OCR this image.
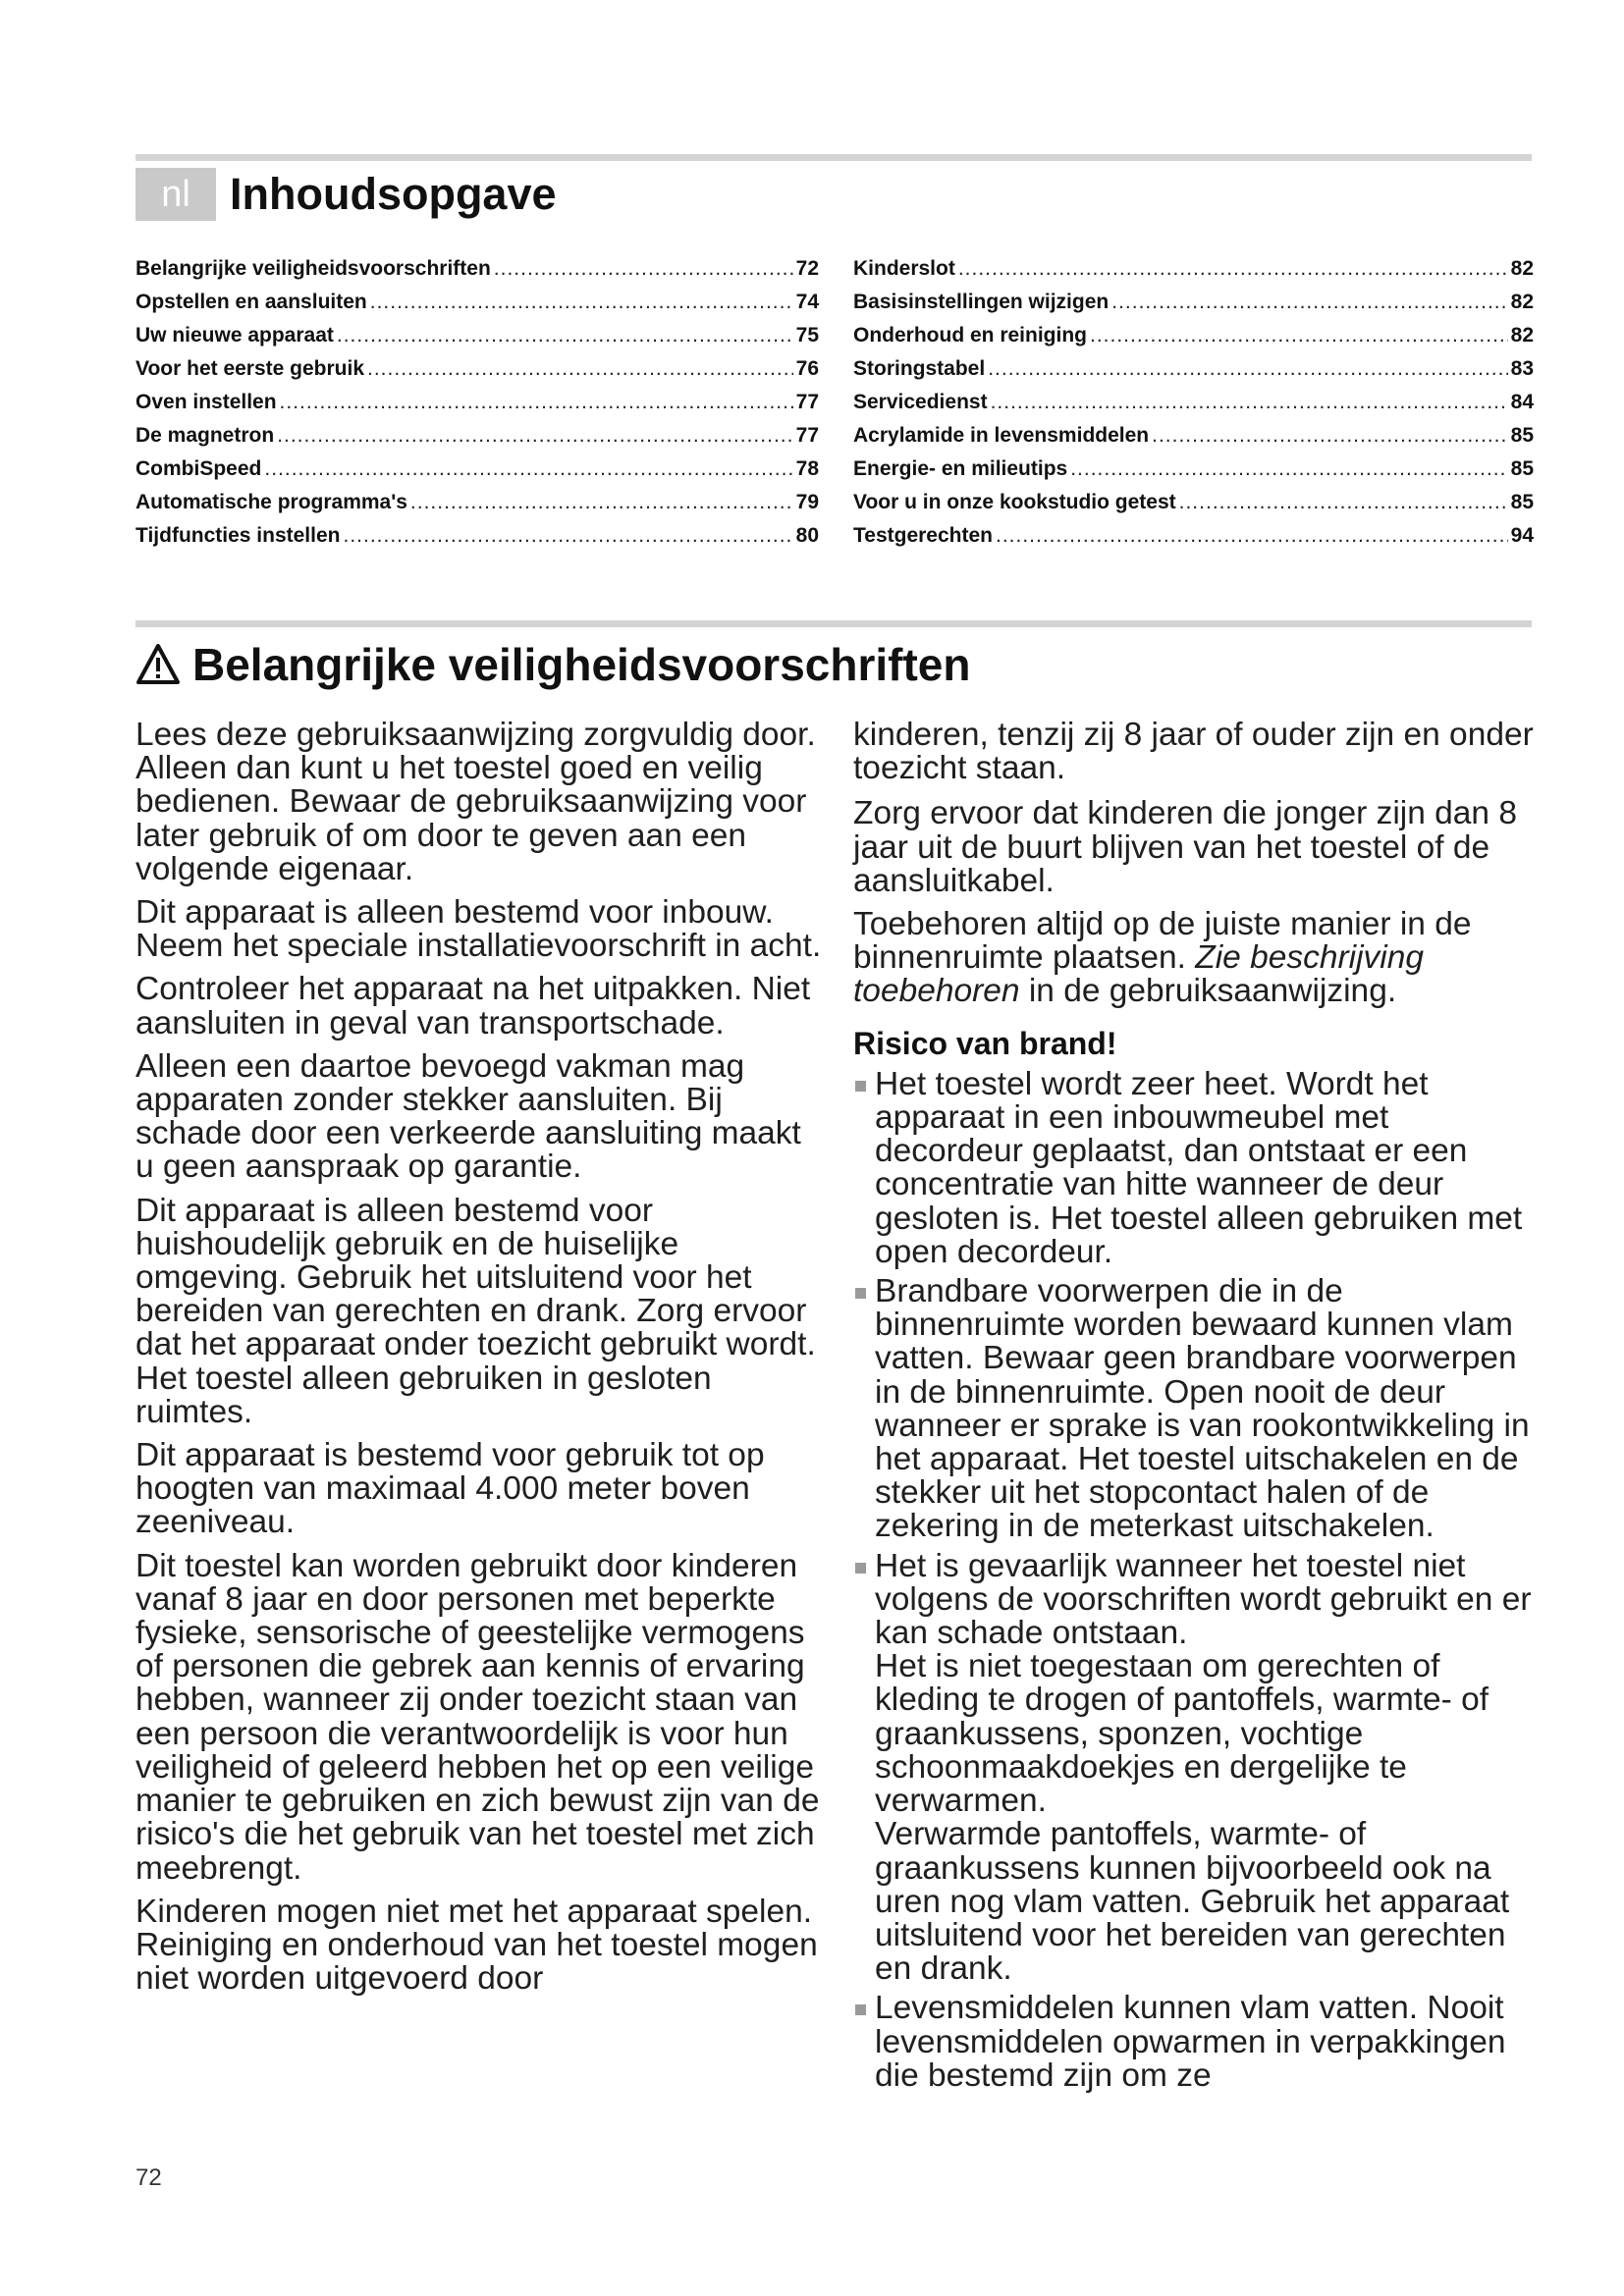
nl Inhoudsopgave
Belangrijke veiligheidsvoorschriften .....	72
Opstellen en aansluiten .....	74
Uw nieuwe apparaat .....	75
Voor het eerste gebruik .....	76
Oven instellen .....	77
De magnetron .....	77
CombiSpeed .....	78
Automatische programma's .....	79
Tijdfuncties instellen .....	80
Kinderslot .....	82
Basisinstellingen wijzigen .....	82
Onderhoud en reiniging .....	82
Storingstabel .....	83
Servicedienst .....	84
Acrylamide in levensmiddelen .....	85
Energie- en milieutips .....	85
Voor u in onze kookstudio getest .....	85
Testgerechten .....	94
Belangrijke veiligheidsvoorschriften

Lees deze gebruiksaanwijzing zorgvuldig door. Alleen dan kunt u het toestel goed en veilig bedienen. Bewaar de gebruiksaanwijzing voor later gebruik of om door te geven aan een volgende eigenaar.

Dit apparaat is alleen bestemd voor inbouw. Neem het speciale installatievoorschrift in acht.

Controleer het apparaat na het uitpakken. Niet aansluiten in geval van transportschade.

Alleen een daartoe bevoegd vakman mag apparaten zonder stekker aansluiten. Bij schade door een verkeerde aansluiting maakt u geen aanspraak op garantie.

Dit apparaat is alleen bestemd voor huishoudelijk gebruik en de huiselijke omgeving. Gebruik het uitsluitend voor het bereiden van gerechten en drank. Zorg ervoor dat het apparaat onder toezicht gebruikt wordt. Het toestel alleen gebruiken in gesloten ruimtes.

Dit apparaat is bestemd voor gebruik tot op hoogten van maximaal 4.000 meter boven zeeniveau.

Dit toestel kan worden gebruikt door kinderen vanaf 8 jaar en door personen met beperkte fysieke, sensorische of geestelijke vermogens of personen die gebrek aan kennis of ervaring hebben, wanneer zij onder toezicht staan van een persoon die verantwoordelijk is voor hun veiligheid of geleerd hebben het op een veilige manier te gebruiken en zich bewust zijn van de risico's die het gebruik van het toestel met zich meebrengt.

Kinderen mogen niet met het apparaat spelen. Reiniging en onderhoud van het toestel mogen niet worden uitgevoerd door

kinderen, tenzij zij 8 jaar of ouder zijn en onder toezicht staan.

Zorg ervoor dat kinderen die jonger zijn dan 8 jaar uit de buurt blijven van het toestel of de aansluitkabel.

Toebehoren altijd op de juiste manier in de binnenruimte plaatsen. Zie beschrijving toebehoren in de gebruiksaanwijzing.

Risico van brand!

Het toestel wordt zeer heet. Wordt het apparaat in een inbouwmeubel met decordeur geplaatst, dan ontstaat er een concentratie van hitte wanneer de deur gesloten is. Het toestel alleen gebruiken met open decordeur.

Brandbare voorwerpen die in de binnenruimte worden bewaard kunnen vlam vatten. Bewaar geen brandbare voorwerpen in de binnenruimte. Open nooit de deur wanneer er sprake is van rookontwikkeling in het apparaat. Het toestel uitschakelen en de stekker uit het stopcontact halen of de zekering in de meterkast uitschakelen.

Het is gevaarlijk wanneer het toestel niet volgens de voorschriften wordt gebruikt en er kan schade ontstaan.

Het is niet toegestaan om gerechten of kleding te drogen of pantoffels, warmte- of graankussens, sponzen, vochtige schoonmaakdoekjes en dergelijke te verwarmen.

Verwarmde pantoffels, warmte- of graankussens kunnen bijvoorbeeld ook na uren nog vlam vatten. Gebruik het apparaat uitsluitend voor het bereiden van gerechten en drank.

Levensmiddelen kunnen vlam vatten. Nooit levensmiddelen opwarmen in verpakkingen die bestemd zijn om ze

72
